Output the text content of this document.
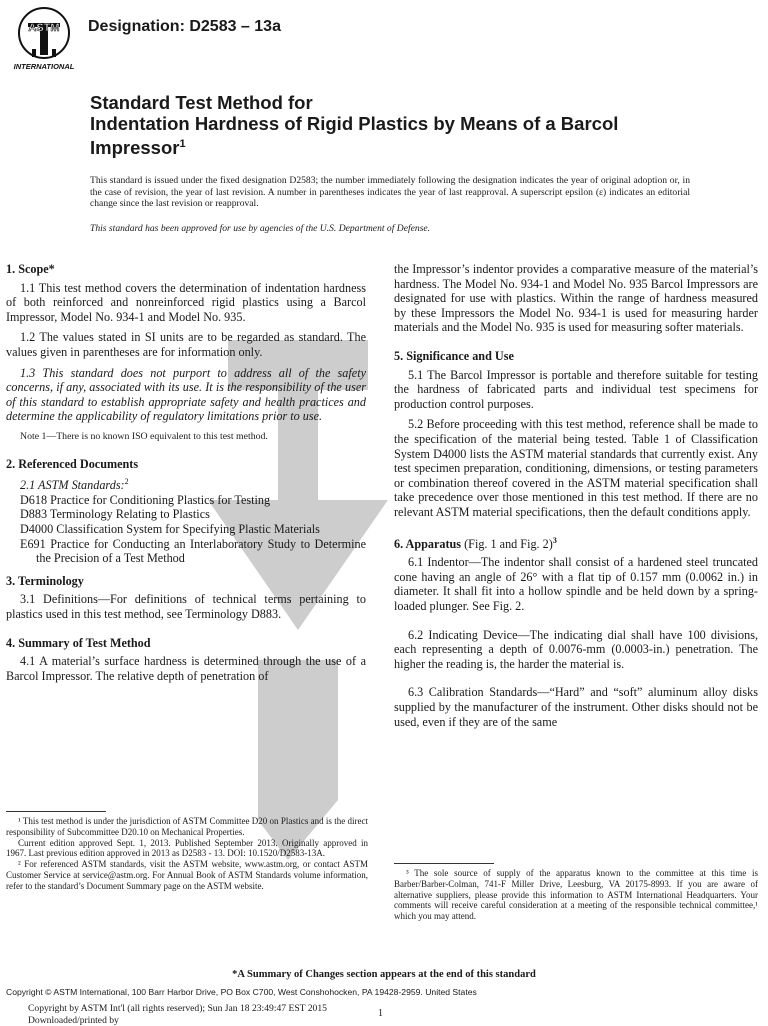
ASTM
INTERNATIONAL
Designation: D2583 – 13a
Standard Test Method for
Indentation Hardness of Rigid Plastics by Means of a Barcol
Impressor$^1$
This standard is issued under the fixed designation D2583; the number immediately following the designation indicates the year of original adoption or, in the case of revision, the year of last revision. A number in parentheses indicates the year of last reapproval. A superscript epsilon (ε) indicates an editorial change since the last revision or reapproval.
This standard has been approved for use by agencies of the U.S. Department of Defense.
1. Scope*

1.1 This test method covers the determination of indentation hardness of both reinforced and nonreinforced rigid plastics using a Barcol Impressor, Model No. 934-1 and Model No. 935.

1.2 The values stated in SI units are to be regarded as standard. The values given in parentheses are for information only.

1.3 This standard does not purport to address all of the safety concerns, if any, associated with its use. It is the responsibility of the user of this standard to establish appropriate safety and health practices and determine the applicability of regulatory limitations prior to use.

Note 1—There is no known ISO equivalent to this test method.
2. Referenced Documents
2.1 ASTM Standards:$^2$
D618 Practice for Conditioning Plastics for Testing
D883 Terminology Relating to Plastics
D4000 Classification System for Specifying Plastic Materials
E691 Practice for Conducting an Interlaboratory Study to Determine the Precision of a Test Method
3. Terminology

3.1 Definitions—For definitions of technical terms pertaining to plastics used in this test method, see Terminology D883.

4. Summary of Test Method

4.1 A material’s surface hardness is determined through the use of a Barcol Impressor. The relative depth of penetration of

the Impressor’s indentor provides a comparative measure of the material’s hardness. The Model No. 934-1 and Model No. 935 Barcol Impressors are designated for use with plastics. Within the range of hardness measured by these Impressors the Model No. 934-1 is used for measuring harder materials and the Model No. 935 is used for measuring softer materials.

5. Significance and Use

5.1 The Barcol Impressor is portable and therefore suitable for testing the hardness of fabricated parts and individual test specimens for production control purposes.

5.2 Before proceeding with this test method, reference shall be made to the specification of the material being tested. Table 1 of Classification System D4000 lists the ASTM material standards that currently exist. Any test specimen preparation, conditioning, dimensions, or testing parameters or combination thereof covered in the ASTM material specification shall take precedence over those mentioned in this test method. If there are no relevant ASTM material specifications, then the default conditions apply.

6. Apparatus (Fig. 1 and Fig. 2)$^3$

6.1 Indentor—The indentor shall consist of a hardened steel truncated cone having an angle of 26° with a flat tip of 0.157 mm (0.0062 in.) in diameter. It shall fit into a hollow spindle and be held down by a spring-loaded plunger. See Fig. 2.

6.2 Indicating Device—The indicating dial shall have 100 divisions, each representing a depth of 0.0076-mm (0.0003-in.) penetration. The higher the reading is, the harder the material is.

6.3 Calibration Standards—“Hard” and “soft” aluminum alloy disks supplied by the manufacturer of the instrument. Other disks should not be used, even if they are of the same

¹ This test method is under the jurisdiction of ASTM Committee D20 on Plastics and is the direct responsibility of Subcommittee D20.10 on Mechanical Properties.
Current edition approved Sept. 1, 2013. Published September 2013. Originally approved in 1967. Last previous edition approved in 2013 as D2583 - 13. DOI: 10.1520/D2583-13A.
² For referenced ASTM standards, visit the ASTM website, www.astm.org, or contact ASTM Customer Service at service@astm.org. For Annual Book of ASTM Standards volume information, refer to the standard’s Document Summary page on the ASTM website.
³ The sole source of supply of the apparatus known to the committee at this time is Barber/Barber-Colman, 741-F Miller Drive, Leesburg, VA 20175-8993. If you are aware of alternative suppliers, please provide this information to ASTM International Headquarters. Your comments will receive careful consideration at a meeting of the responsible technical committee,¹ which you may attend.
*A Summary of Changes section appears at the end of this standard
Copyright © ASTM International, 100 Barr Harbor Drive, PO Box C700, West Conshohocken, PA 19428-2959. United States
Copyright by ASTM Int'l (all rights reserved); Sun Jan 18 23:49:47 EST 2015
Downloaded/printed by
1
